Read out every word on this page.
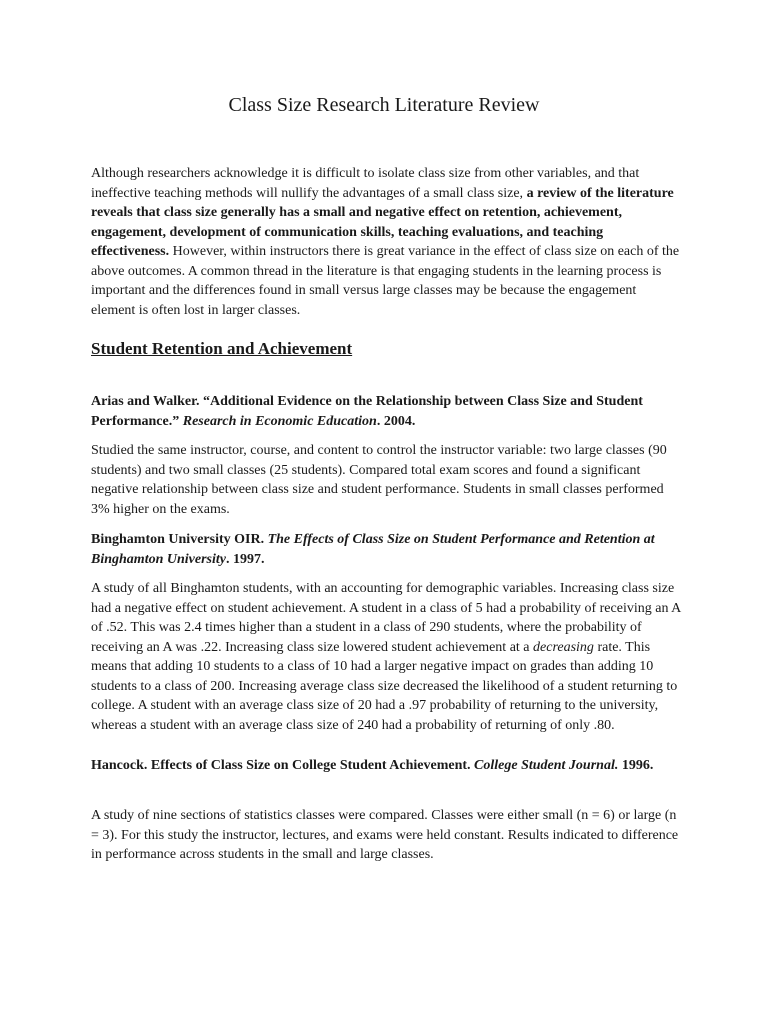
Class Size Research Literature Review

Although researchers acknowledge it is difficult to isolate class size from other variables, and that ineffective teaching methods will nullify the advantages of a small class size, a review of the literature reveals that class size generally has a small and negative effect on retention, achievement, engagement, development of communication skills, teaching evaluations, and teaching effectiveness. However, within instructors there is great variance in the effect of class size on each of the above outcomes. A common thread in the literature is that engaging students in the learning process is important and the differences found in small versus large classes may be because the engagement element is often lost in larger classes.

Student Retention and Achievement

Arias and Walker. “Additional Evidence on the Relationship between Class Size and Student Performance.” Research in Economic Education. 2004.

Studied the same instructor, course, and content to control the instructor variable: two large classes (90 students) and two small classes (25 students). Compared total exam scores and found a significant negative relationship between class size and student performance. Students in small classes performed 3% higher on the exams.

Binghamton University OIR. The Effects of Class Size on Student Performance and Retention at Binghamton University. 1997.

A study of all Binghamton students, with an accounting for demographic variables. Increasing class size had a negative effect on student achievement. A student in a class of 5 had a probability of receiving an A of .52. This was 2.4 times higher than a student in a class of 290 students, where the probability of receiving an A was .22. Increasing class size lowered student achievement at a decreasing rate. This means that adding 10 students to a class of 10 had a larger negative impact on grades than adding 10 students to a class of 200. Increasing average class size decreased the likelihood of a student returning to college. A student with an average class size of 20 had a .97 probability of returning to the university, whereas a student with an average class size of 240 had a probability of returning of only .80.

Hancock. Effects of Class Size on College Student Achievement. College Student Journal. 1996.

A study of nine sections of statistics classes were compared. Classes were either small (n = 6) or large (n = 3). For this study the instructor, lectures, and exams were held constant. Results indicated to difference in performance across students in the small and large classes.
